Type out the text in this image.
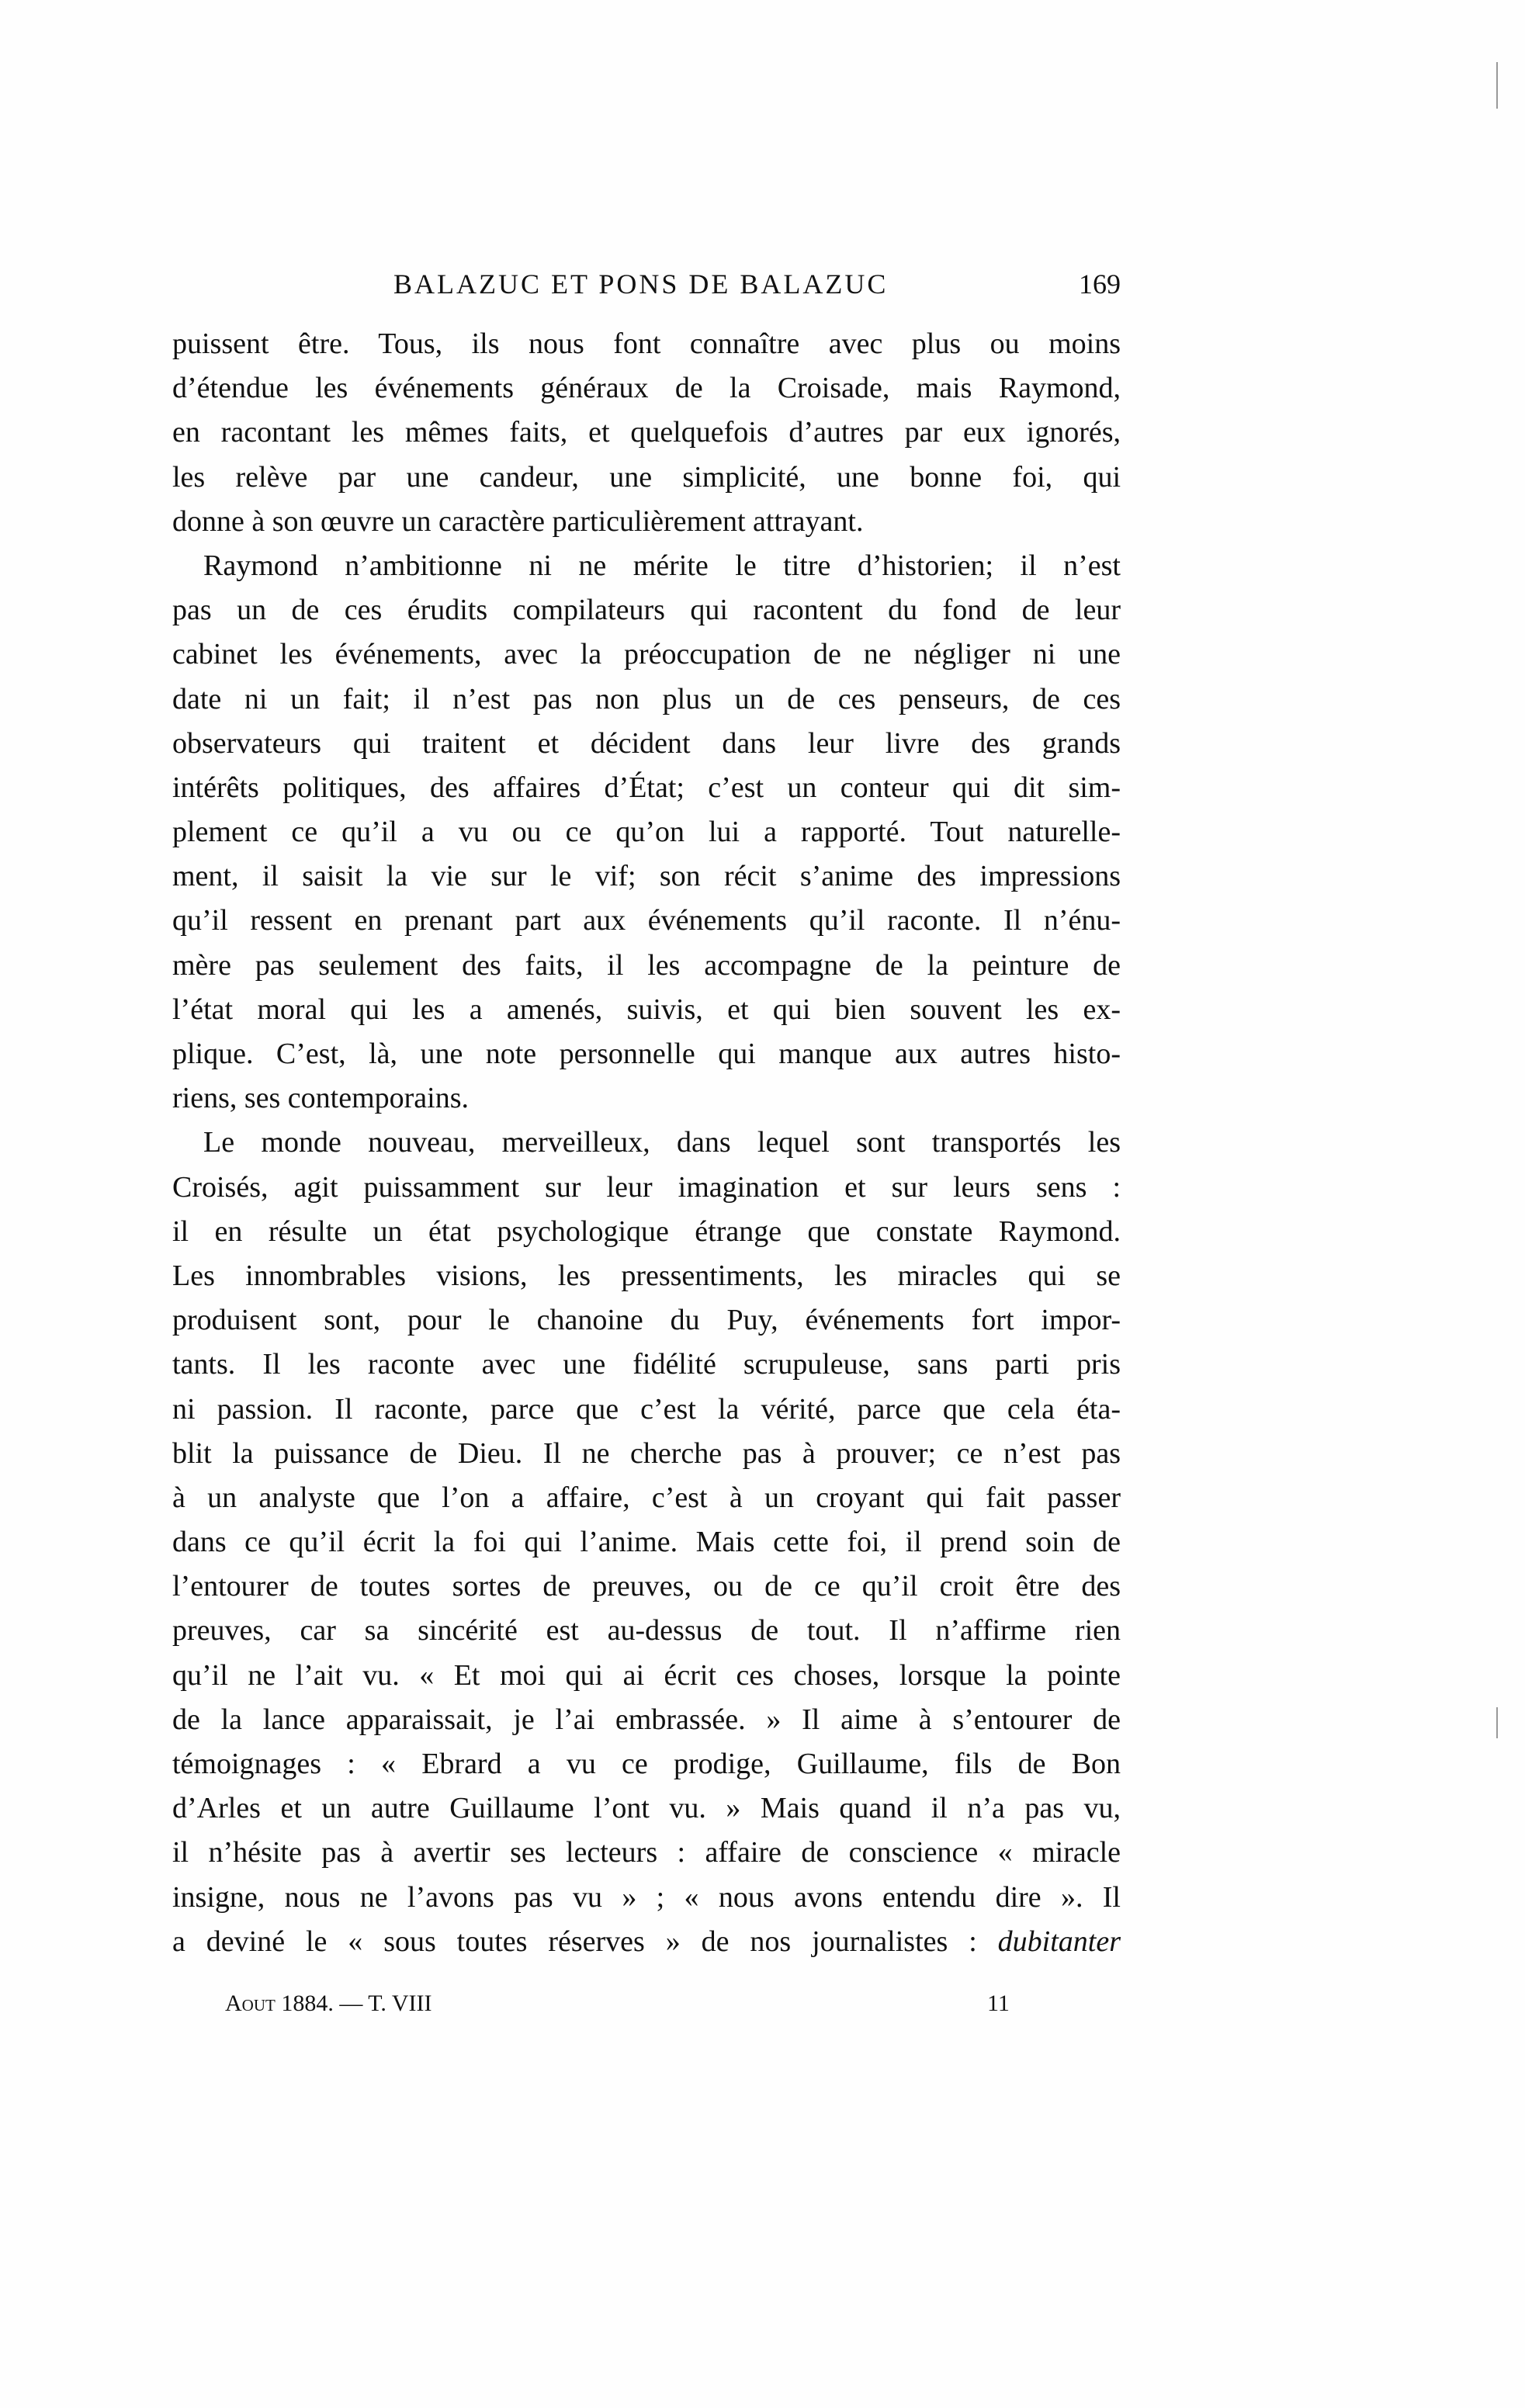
BALAZUC ET PONS DE BALAZUC	169
puissent être. Tous, ils nous font connaître avec plus ou moins
d’étendue les événements généraux de la Croisade, mais Raymond,
en racontant les mêmes faits, et quelquefois d’autres par eux ignorés,
les relève par une candeur, une simplicité, une bonne foi, qui
donne à son œuvre un caractère particulièrement attrayant.
Raymond n’ambitionne ni ne mérite le titre d’historien; il n’est
pas un de ces érudits compilateurs qui racontent du fond de leur
cabinet les événements, avec la préoccupation de ne négliger ni une
date ni un fait; il n’est pas non plus un de ces penseurs, de ces
observateurs qui traitent et décident dans leur livre des grands
intérêts politiques, des affaires d’État; c’est un conteur qui dit sim-
plement ce qu’il a vu ou ce qu’on lui a rapporté. Tout naturelle-
ment, il saisit la vie sur le vif; son récit s’anime des impressions
qu’il ressent en prenant part aux événements qu’il raconte. Il n’énu-
mère pas seulement des faits, il les accompagne de la peinture de
l’état moral qui les a amenés, suivis, et qui bien souvent les ex-
plique. C’est, là, une note personnelle qui manque aux autres histo-
riens, ses contemporains.
Le monde nouveau, merveilleux, dans lequel sont transportés les
Croisés, agit puissamment sur leur imagination et sur leurs sens :
il en résulte un état psychologique étrange que constate Raymond.
Les innombrables visions, les pressentiments, les miracles qui se
produisent sont, pour le chanoine du Puy, événements fort impor-
tants. Il les raconte avec une fidélité scrupuleuse, sans parti pris
ni passion. Il raconte, parce que c’est la vérité, parce que cela éta-
blit la puissance de Dieu. Il ne cherche pas à prouver; ce n’est pas
à un analyste que l’on a affaire, c’est à un croyant qui fait passer
dans ce qu’il écrit la foi qui l’anime. Mais cette foi, il prend soin de
l’entourer de toutes sortes de preuves, ou de ce qu’il croit être des
preuves, car sa sincérité est au-dessus de tout. Il n’affirme rien
qu’il ne l’ait vu. « Et moi qui ai écrit ces choses, lorsque la pointe
de la lance apparaissait, je l’ai embrassée. » Il aime à s’entourer de
témoignages : « Ebrard a vu ce prodige, Guillaume, fils de Bon
d’Arles et un autre Guillaume l’ont vu. » Mais quand il n’a pas vu,
il n’hésite pas à avertir ses lecteurs : affaire de conscience « miracle
insigne, nous ne l’avons pas vu » ; « nous avons entendu dire ». Il
a deviné le « sous toutes réserves » de nos journalistes : dubitanter
Aout 1884. — T. VIII	11
